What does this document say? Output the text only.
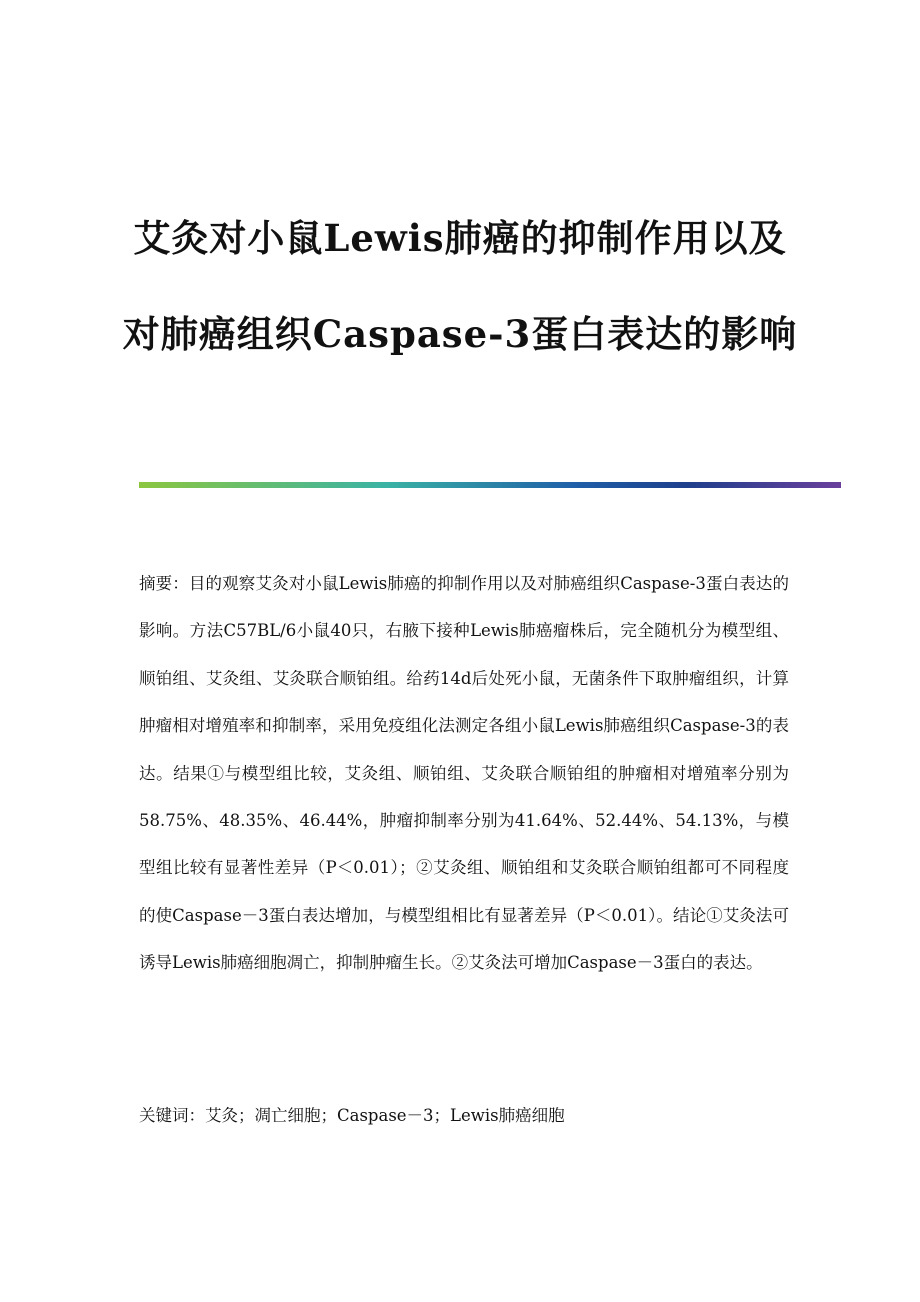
艾灸对小鼠Lewis肺癌的抑制作用以及
对肺癌组织Caspase-3蛋白表达的影响

摘要：目的观察艾灸对小鼠Lewis肺癌的抑制作用以及对肺癌组织Caspase-3蛋白表达的影响。方法C57BL/6小鼠40只，右腋下接种Lewis肺癌瘤株后，完全随机分为模型组、顺铂组、艾灸组、艾灸联合顺铂组。给药14d后处死小鼠，无菌条件下取肿瘤组织，计算肿瘤相对增殖率和抑制率，采用免疫组化法测定各组小鼠Lewis肺癌组织Caspase-3的表达。结果①与模型组比较，艾灸组、顺铂组、艾灸联合顺铂组的肿瘤相对增殖率分别为58.75%、48.35%、46.44%，肿瘤抑制率分别为41.64%、52.44%、54.13%，与模型组比较有显著性差异（P＜0.01）；②艾灸组、顺铂组和艾灸联合顺铂组都可不同程度的使Caspase－3蛋白表达增加，与模型组相比有显著差异（P＜0.01）。结论①艾灸法可诱导Lewis肺癌细胞凋亡，抑制肿瘤生长。②艾灸法可增加Caspase－3蛋白的表达。

关键词：艾灸；凋亡细胞；Caspase－3；Lewis肺癌细胞
